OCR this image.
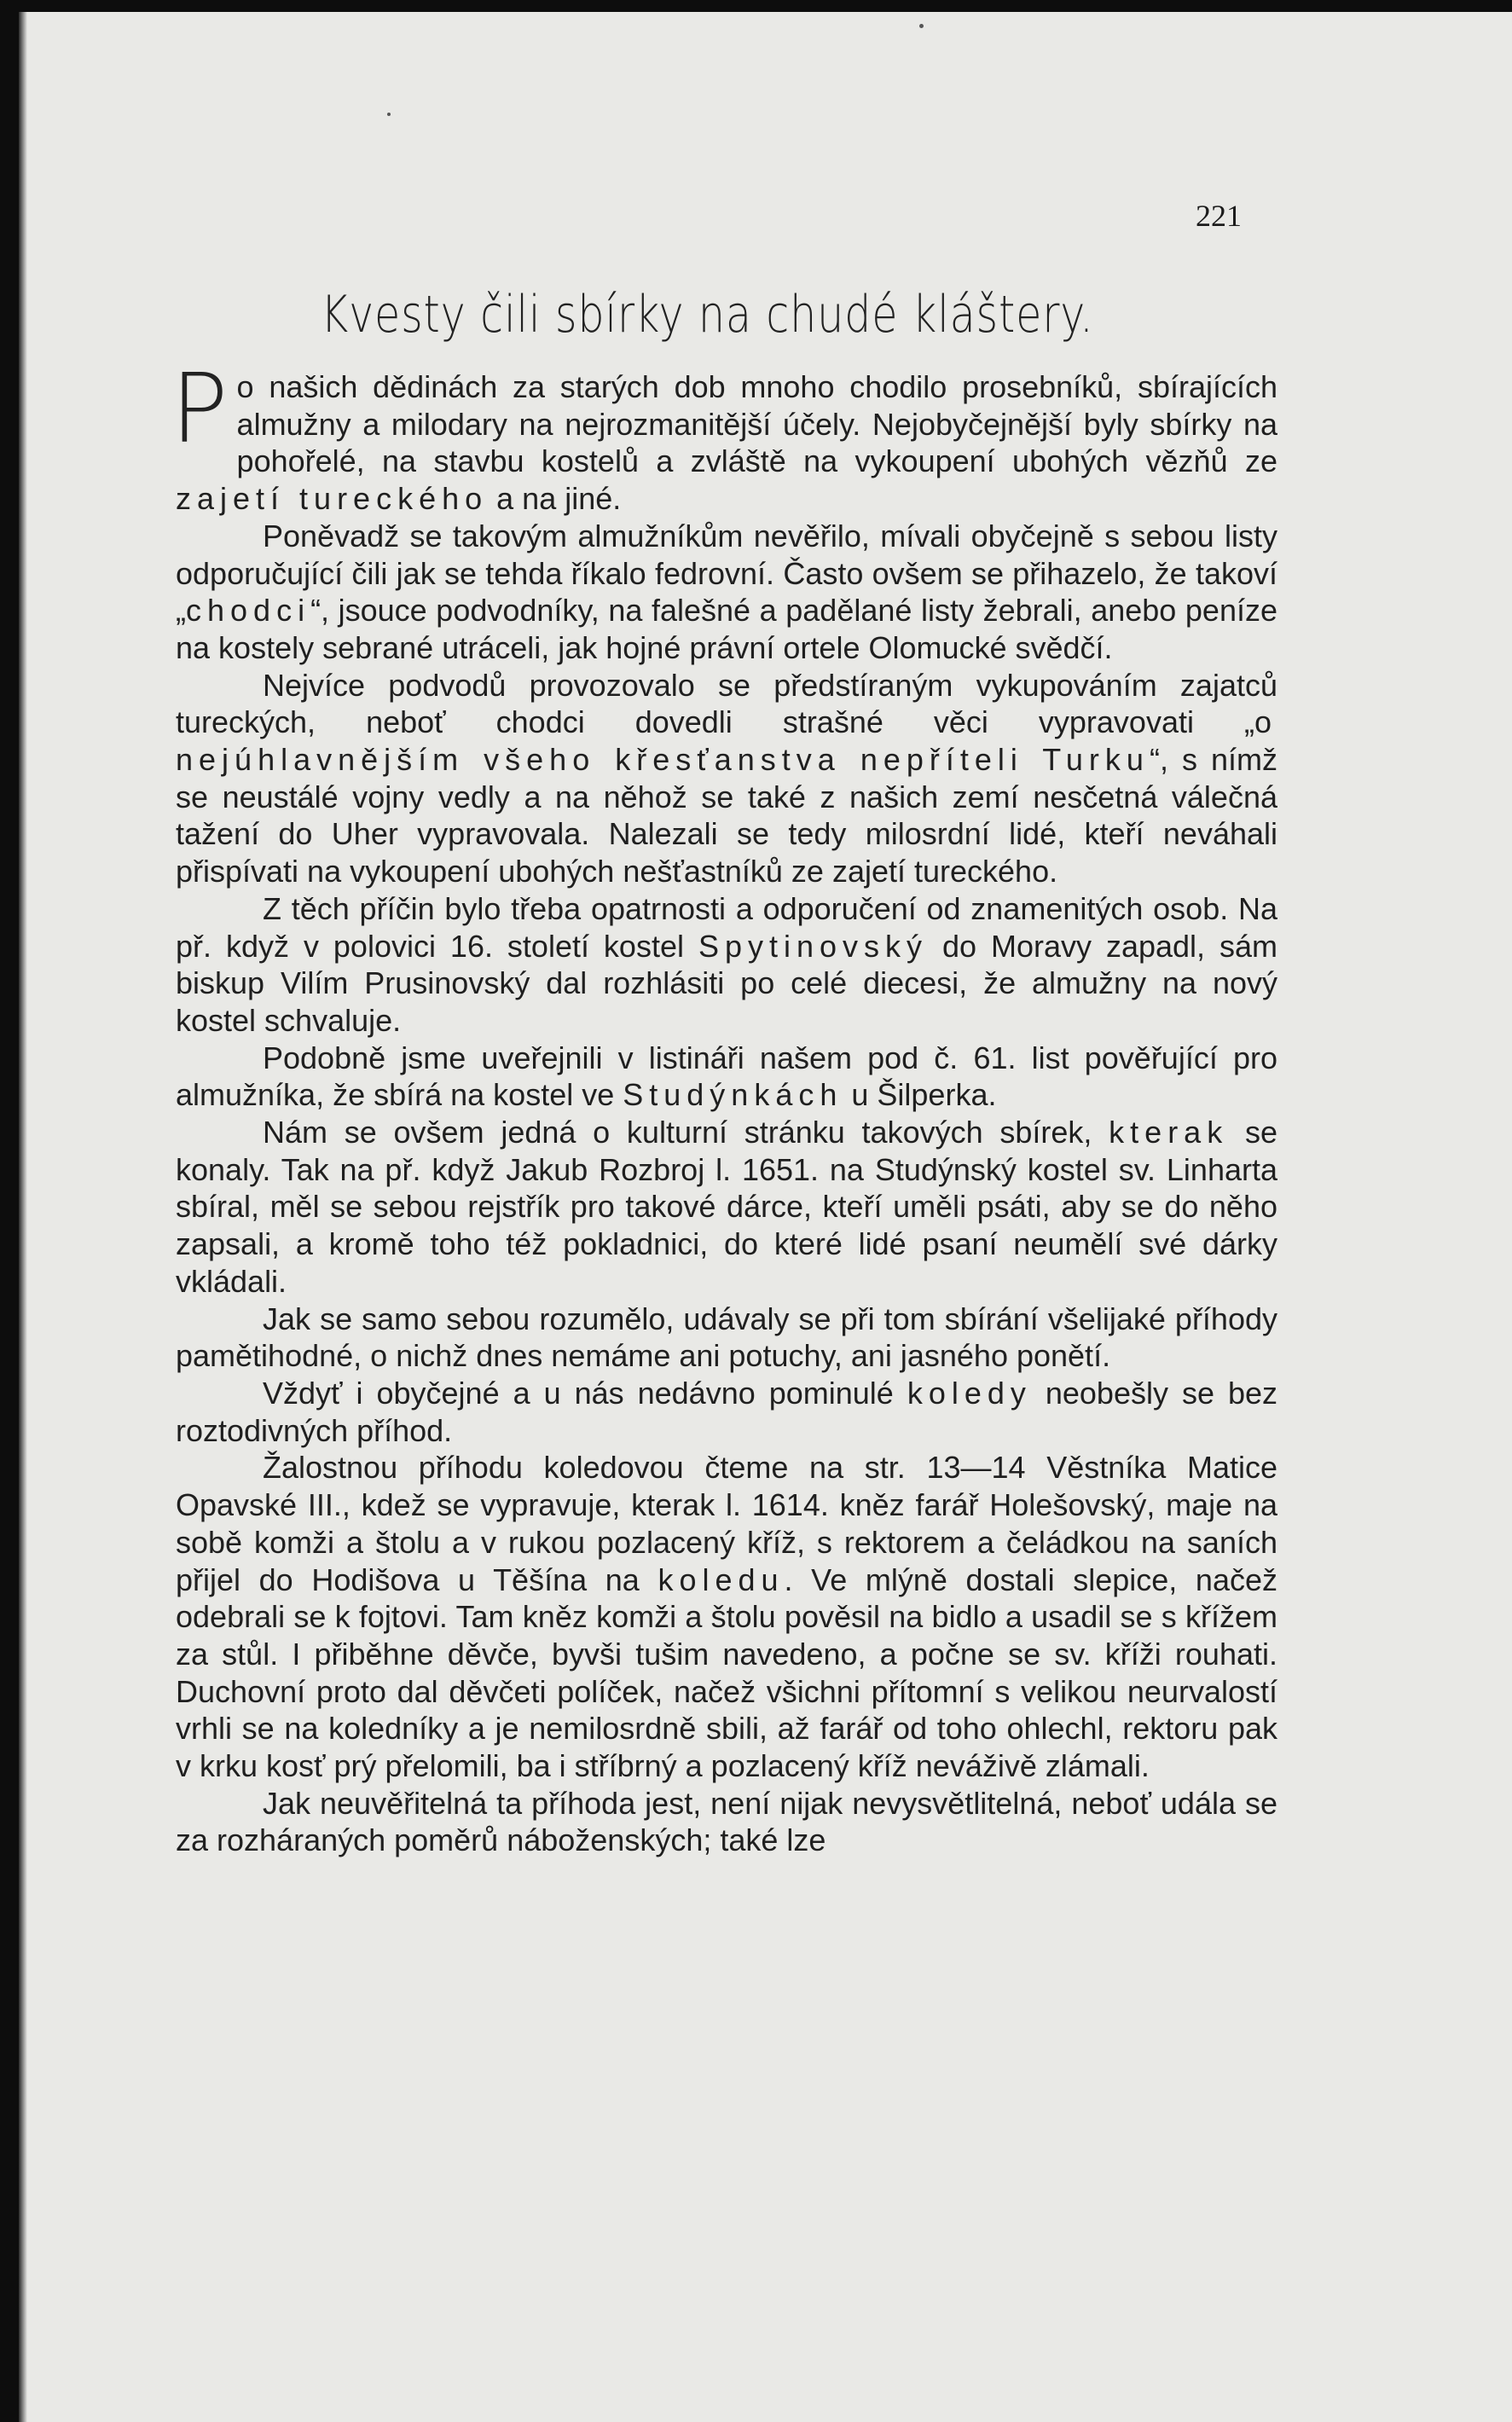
221
Kvesty čili sbírky na chudé kláštery.

Po našich dědinách za starých dob mnoho chodilo prosebníků, sbírajících almužny a milodary na nejrozmanitější účely. Nejobyčejnější byly sbírky na pohořelé, na stavbu kostelů a zvláště na vykoupení ubohých vězňů ze zajetí tureckého a na jiné.

Poněvadž se takovým almužníkům nevěřilo, mívali obyčejně s sebou listy odporučující čili jak se tehda říkalo fedrovní. Často ovšem se přihazelo, že takoví „chodci“, jsouce podvodníky, na falešné a padělané listy žebrali, anebo peníze na kostely sebrané utráceli, jak hojné právní ortele Olomucké svědčí.

Nejvíce podvodů provozovalo se předstíraným vykupováním zajatců tureckých, neboť chodci dovedli strašné věci vypravovati „o nejúhlavnějším všeho křesťanstva nepříteli Turku“, s nímž se neustálé vojny vedly a na něhož se také z našich zemí nesčetná válečná tažení do Uher vypravovala. Nalezali se tedy milosrdní lidé, kteří neváhali přispívati na vykoupení ubohých nešťastníků ze zajetí tureckého.

Z těch příčin bylo třeba opatrnosti a odporučení od znamenitých osob. Na př. když v polovici 16. století kostel Spytinovský do Moravy zapadl, sám biskup Vilím Prusinovský dal rozhlásiti po celé diecesi, že almužny na nový kostel schvaluje.

Podobně jsme uveřejnili v listináři našem pod č. 61. list pověřující pro almužníka, že sbírá na kostel ve Studýnkách u Šilperka.

Nám se ovšem jedná o kulturní stránku takových sbírek, kterak se konaly. Tak na př. když Jakub Rozbroj l. 1651. na Studýnský kostel sv. Linharta sbíral, měl se sebou rejstřík pro takové dárce, kteří uměli psáti, aby se do něho zapsali, a kromě toho též pokladnici, do které lidé psaní neumělí své dárky vkládali.

Jak se samo sebou rozumělo, udávaly se při tom sbírání všelijaké příhody pamětihodné, o nichž dnes nemáme ani potuchy, ani jasného ponětí.

Vždyť i obyčejné a u nás nedávno pominulé koledy neobešly se bez roztodivných příhod.

Žalostnou příhodu koledovou čteme na str. 13—14 Věstníka Matice Opavské III., kdež se vypravuje, kterak l. 1614. kněz farář Holešovský, maje na sobě komži a štolu a v rukou pozlacený kříž, s rektorem a čeládkou na saních přijel do Hodišova u Těšína na koledu. Ve mlýně dostali slepice, načež odebrali se k fojtovi. Tam kněz komži a štolu pověsil na bidlo a usadil se s křížem za stůl. I přiběhne děvče, byvši tušim navedeno, a počne se sv. kříži rouhati. Duchovní proto dal děvčeti políček, načež všichni přítomní s velikou neurvalostí vrhli se na koledníky a je nemilosrdně sbili, až farář od toho ohlechl, rektoru pak v krku kosť prý přelomili, ba i stříbrný a pozlacený kříž neváživě zlámali.

Jak neuvěřitelná ta příhoda jest, není nijak nevysvětlitelná, neboť udála se za rozháraných poměrů náboženských; také lze
